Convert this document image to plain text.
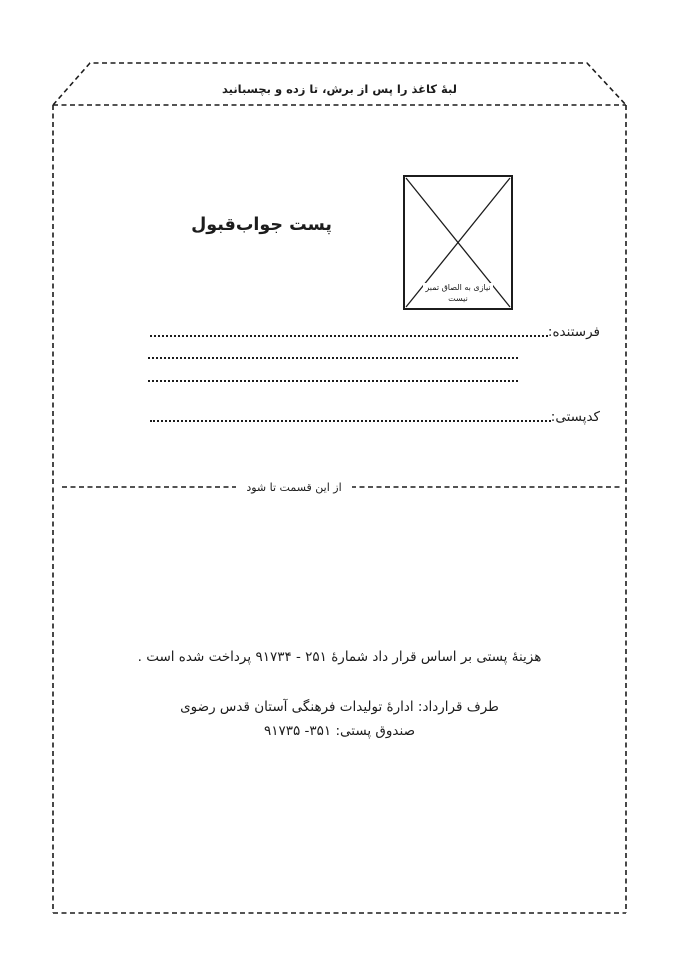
لبهٔ کاغذ را پس از برش، تا زده و بچسبانید
پست جواب‌قبول
نیازی به الصاق تمبر
نیست
فرستنده:
کدپستی:
از این قسمت تا شود

هزینهٔ پستی بر اساس قرار داد شمارهٔ ۲۵۱ - ۹۱۷۳۴ پرداخت شده است .

طرف قرارداد: ادارهٔ تولیدات فرهنگی آستان قدس رضوی

صندوق پستی: ۳۵۱- ۹۱۷۳۵
